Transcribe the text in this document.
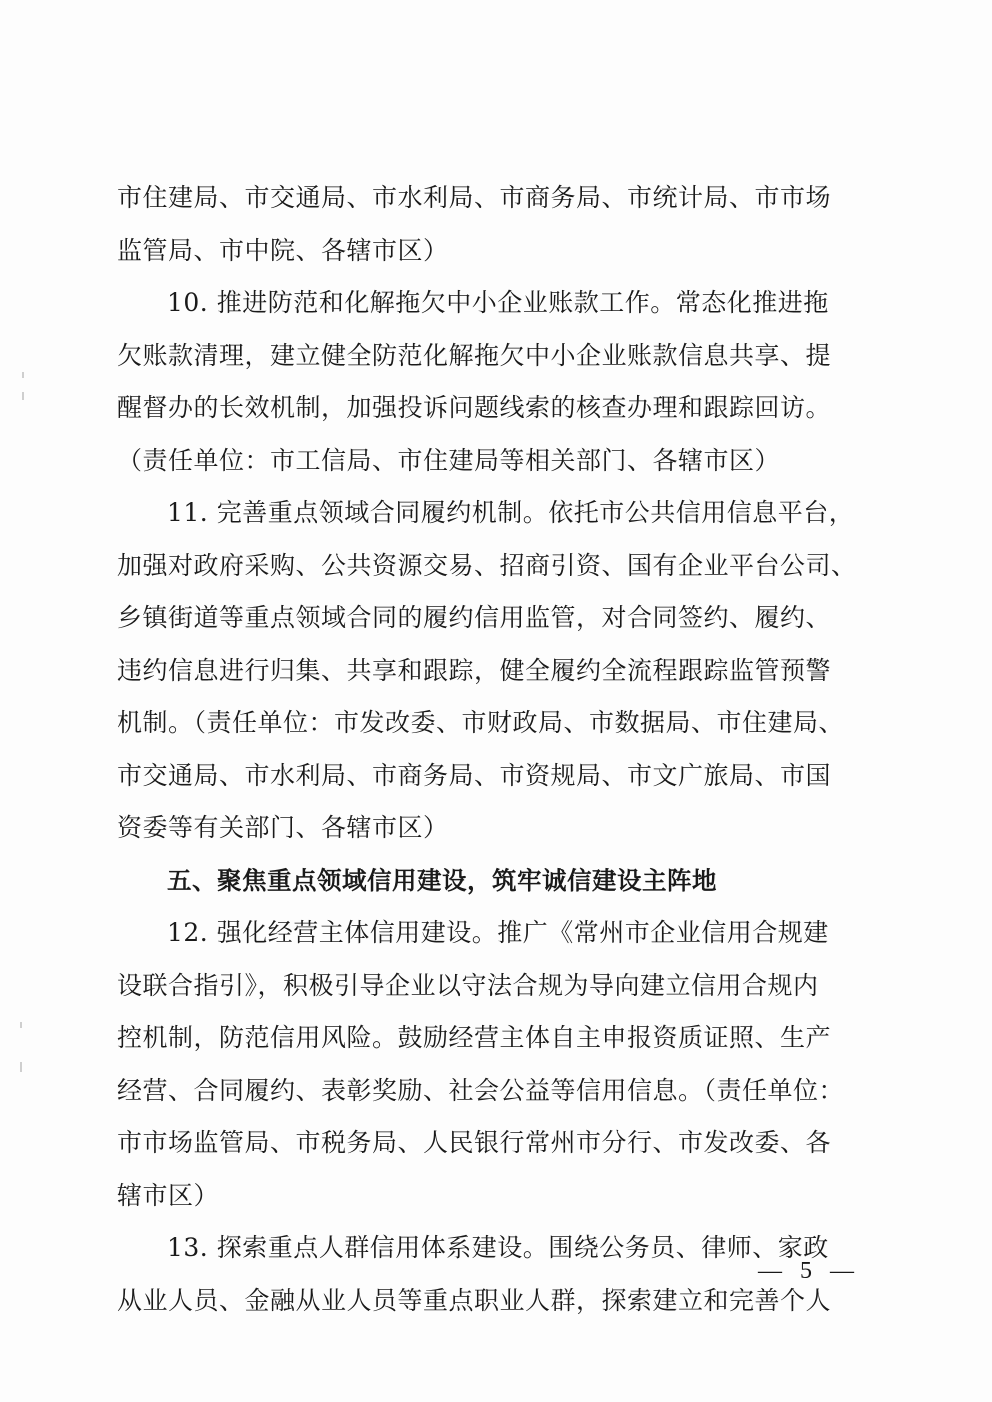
市住建局、市交通局、市水利局、市商务局、市统计局、市市场
监管局、市中院、各辖市区）
10. 推进防范和化解拖欠中小企业账款工作。常态化推进拖
欠账款清理，建立健全防范化解拖欠中小企业账款信息共享、提
醒督办的长效机制，加强投诉问题线索的核查办理和跟踪回访。
（责任单位：市工信局、市住建局等相关部门、各辖市区）
11. 完善重点领域合同履约机制。依托市公共信用信息平台，
加强对政府采购、公共资源交易、招商引资、国有企业平台公司、
乡镇街道等重点领域合同的履约信用监管，对合同签约、履约、
违约信息进行归集、共享和跟踪，健全履约全流程跟踪监管预警
机制。（责任单位：市发改委、市财政局、市数据局、市住建局、
市交通局、市水利局、市商务局、市资规局、市文广旅局、市国
资委等有关部门、各辖市区）
五、聚焦重点领域信用建设，筑牢诚信建设主阵地
12. 强化经营主体信用建设。推广《常州市企业信用合规建
设联合指引》，积极引导企业以守法合规为导向建立信用合规内
控机制，防范信用风险。鼓励经营主体自主申报资质证照、生产
经营、合同履约、表彰奖励、社会公益等信用信息。（责任单位：
市市场监管局、市税务局、人民银行常州市分行、市发改委、各
辖市区）
13. 探索重点人群信用体系建设。围绕公务员、律师、家政
从业人员、金融从业人员等重点职业人群，探索建立和完善个人
— 5 —
